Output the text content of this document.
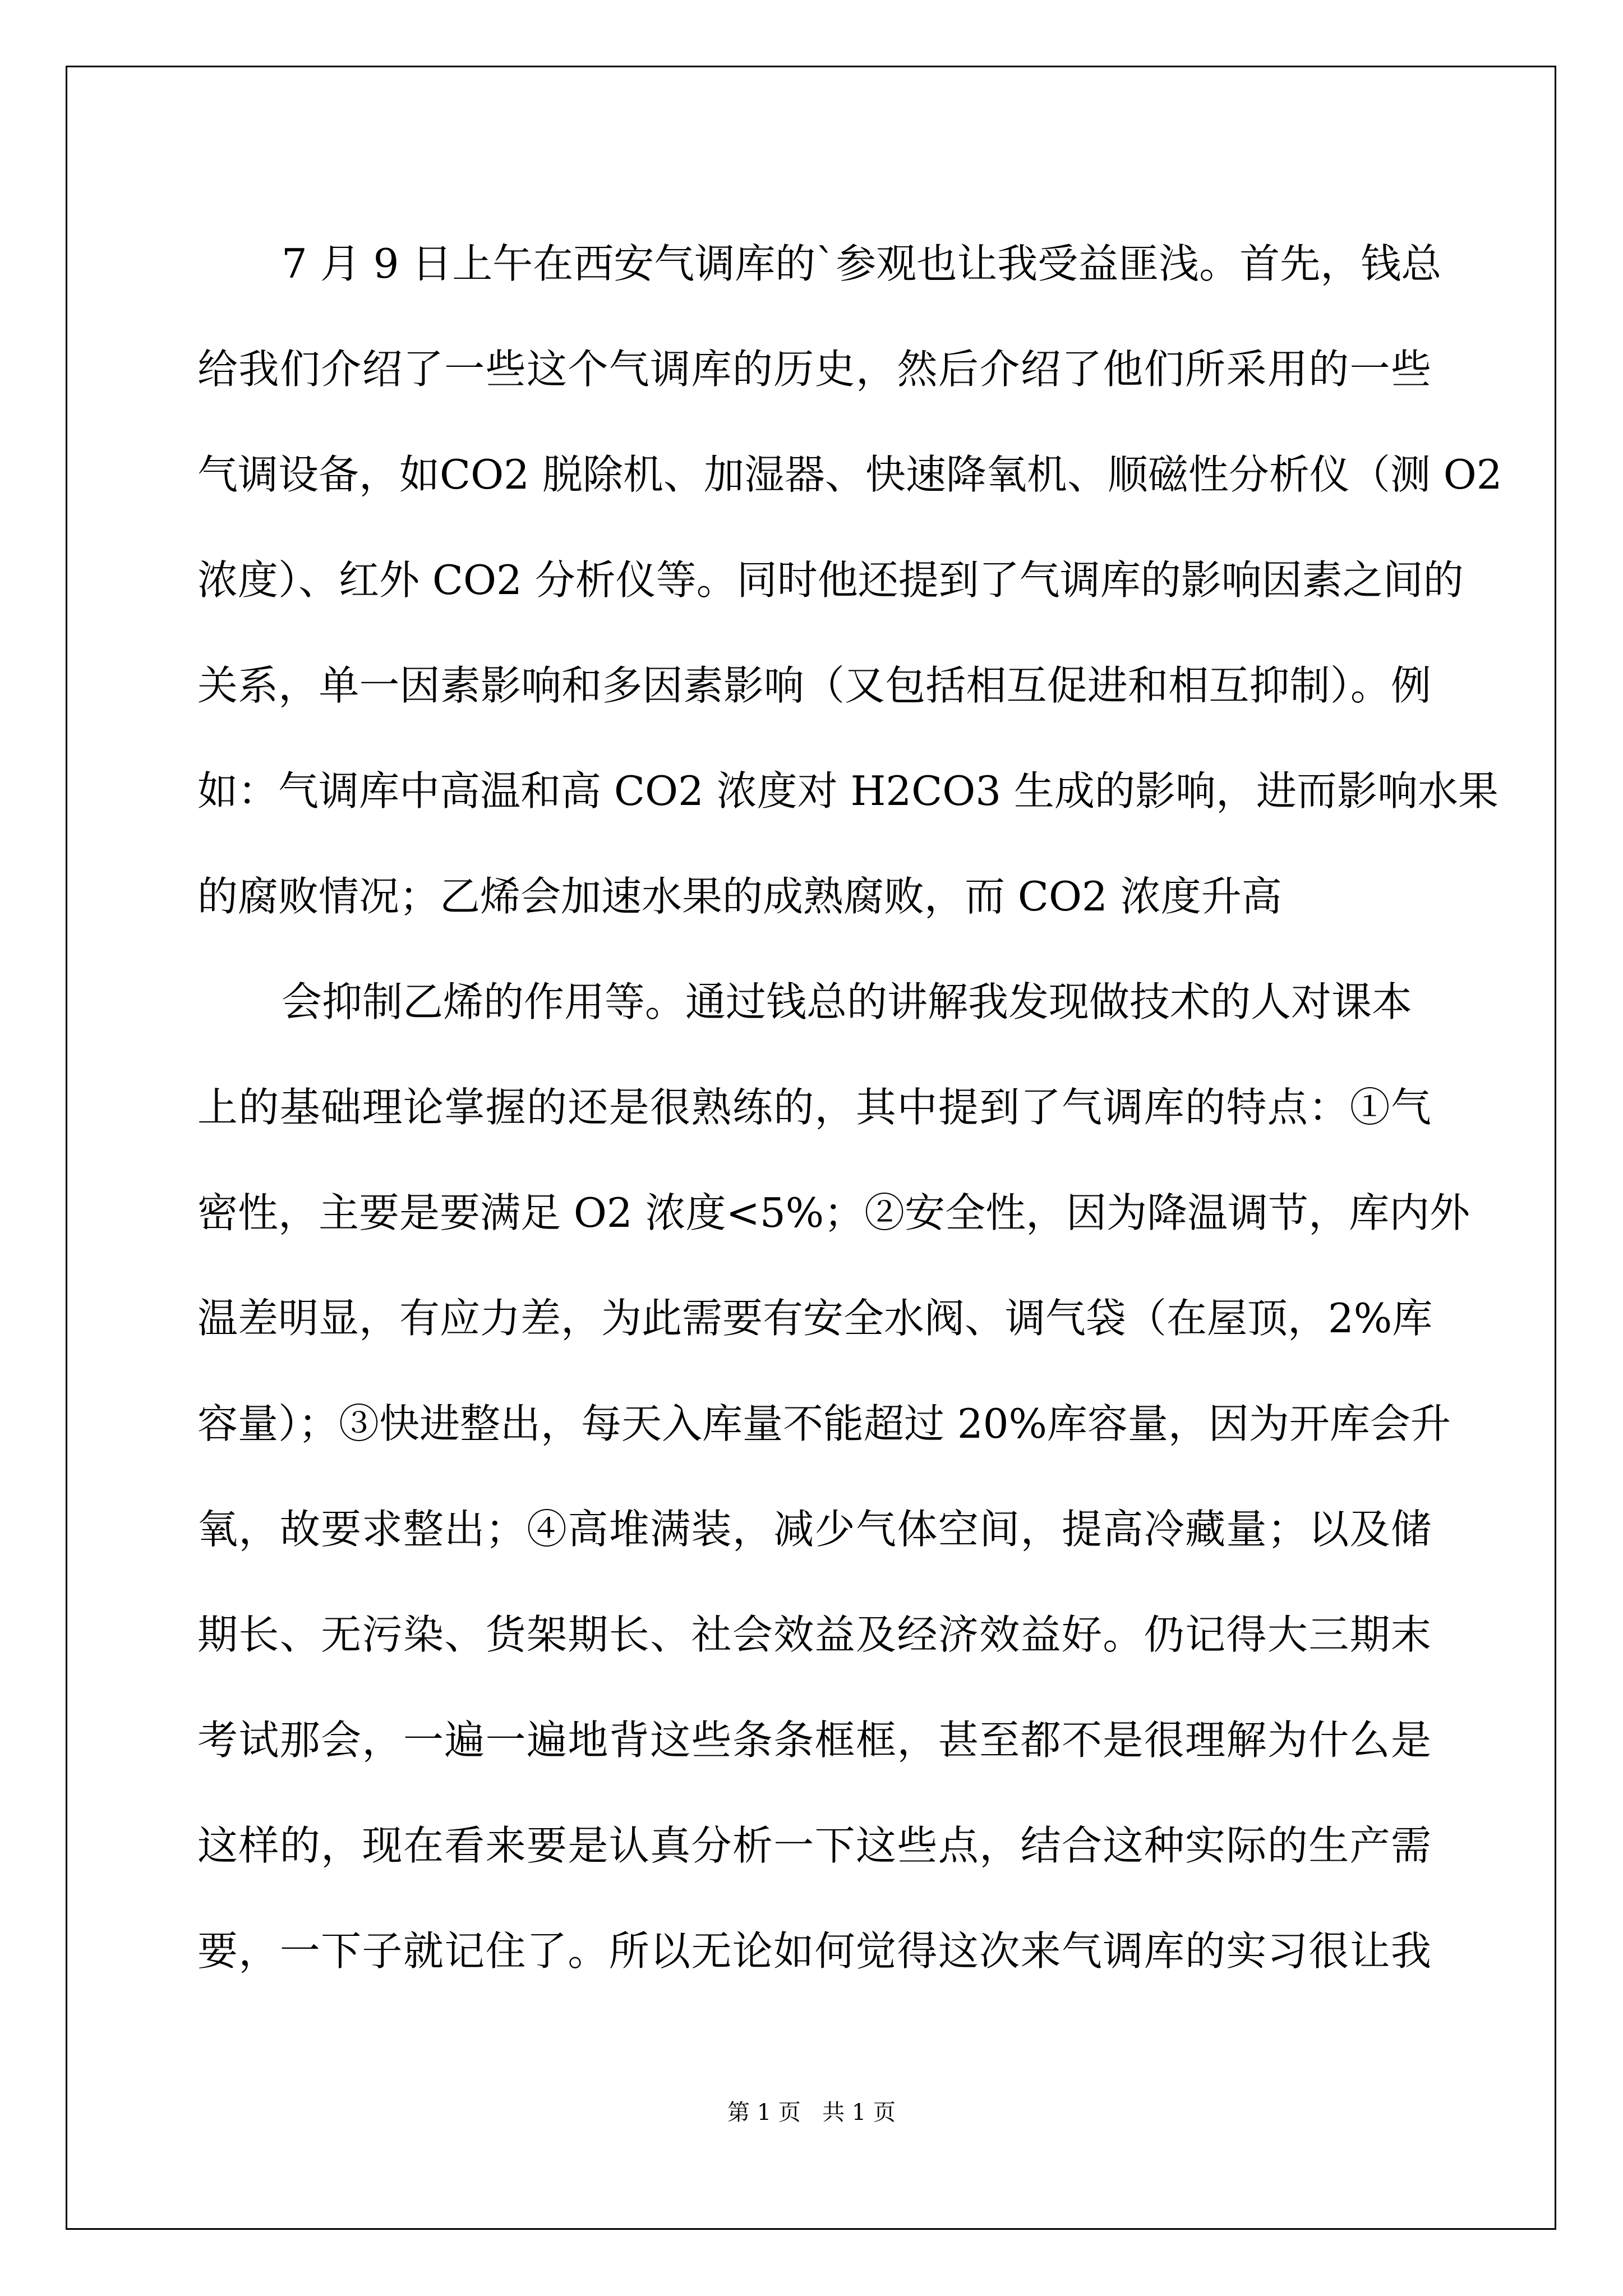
7 月 9 日上午在西安气调库的`参观也让我受益匪浅。首先，钱总
给我们介绍了一些这个气调库的历史，然后介绍了他们所采用的一些
气调设备，如CO2 脱除机、加湿器、快速降氧机、顺磁性分析仪（测 O2
浓度）、红外 CO2 分析仪等。同时他还提到了气调库的影响因素之间的
关系，单一因素影响和多因素影响（又包括相互促进和相互抑制）。例
如：气调库中高温和高 CO2 浓度对 H2CO3 生成的影响，进而影响水果
的腐败情况；乙烯会加速水果的成熟腐败，而 CO2 浓度升高
会抑制乙烯的作用等。通过钱总的讲解我发现做技术的人对课本
上的基础理论掌握的还是很熟练的，其中提到了气调库的特点：①气
密性，主要是要满足 O2 浓度<5%；②安全性，因为降温调节，库内外
温差明显，有应力差，为此需要有安全水阀、调气袋（在屋顶，2%库
容量）；③快进整出，每天入库量不能超过 20%库容量，因为开库会升
氧，故要求整出；④高堆满装，减少气体空间，提高冷藏量；以及储
期长、无污染、货架期长、社会效益及经济效益好。仍记得大三期末
考试那会，一遍一遍地背这些条条框框，甚至都不是很理解为什么是
这样的，现在看来要是认真分析一下这些点，结合这种实际的生产需
要，一下子就记住了。所以无论如何觉得这次来气调库的实习很让我
第 1 页   共 1 页
